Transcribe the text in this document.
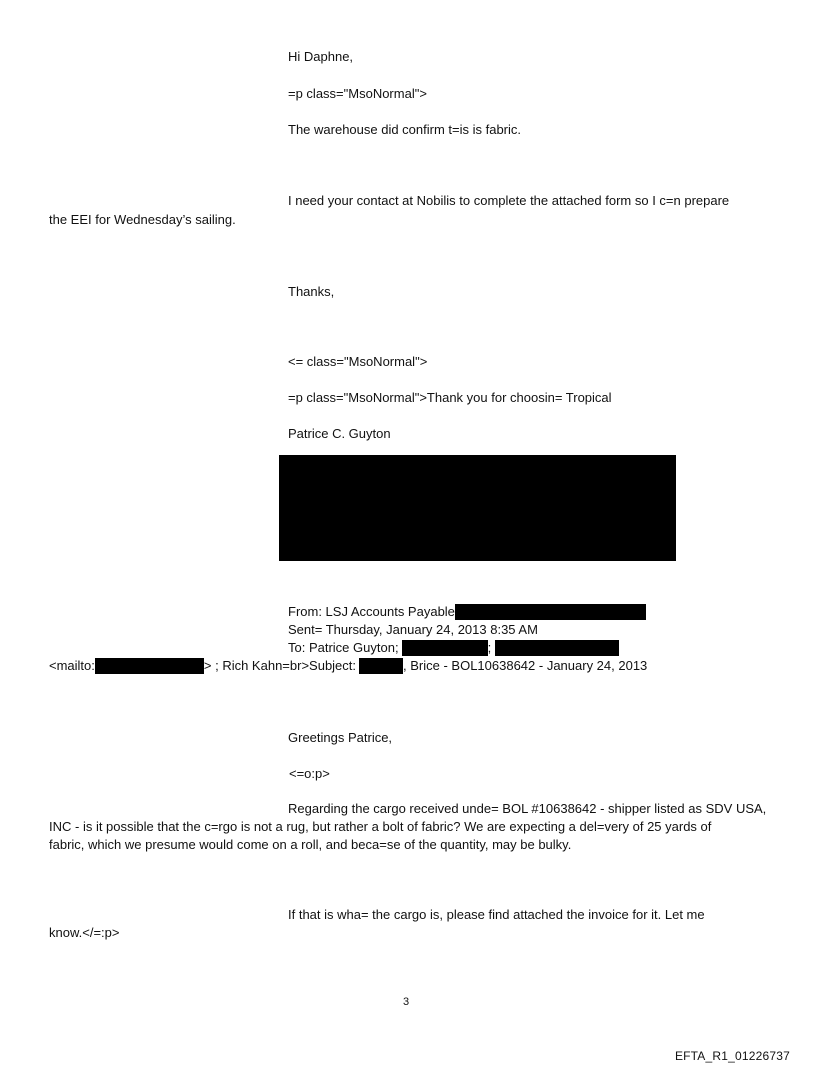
Hi Daphne,
=p class="MsoNormal">
The warehouse did confirm t=is is fabric.
I need your contact at Nobilis to complete the attached form so I c=n prepare
the EEI for Wednesday’s sailing.
Thanks,
<= class="MsoNormal">
=p class="MsoNormal">Thank you for choosin= Tropical
Patrice C. Guyton
From: LSJ Accounts Payable
Sent= Thursday, January 24, 2013 8:35 AM
To: Patrice Guyton;	;
<mailto:	> ; Rich Kahn=br>Subject:	, Brice - BOL10638642 - January 24, 2013
Greetings Patrice,
<=o:p>
Regarding the cargo received unde= BOL #10638642 - shipper listed as SDV USA,
INC - is it possible that the c=rgo is not a rug, but rather a bolt of fabric? We are expecting a del=very of 25 yards of
fabric, which we presume would come on a roll, and beca=se of the quantity, may be bulky.
If that is wha= the cargo is, please find attached the invoice for it. Let me
know.</=:p>
3
EFTA_R1_01226737
